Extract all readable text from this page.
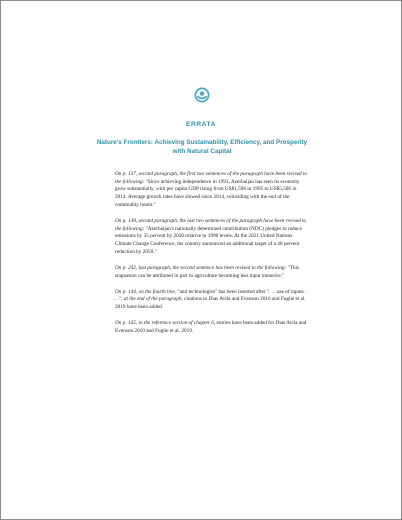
ERRATA
Nature's Frontiers: Achieving Sustainability, Efficiency, and Prosperity with Natural Capital

On p. 137, second paragraph, the first two sentences of the paragraph have been revised to the following: "Since achieving independence in 1991, Azerbaijan has seen its economy grow substantially, with per capita GDP rising from US$1,596 in 1995 to US$5,506 in 2014. Average growth rates have slowed since 2014, coinciding with the end of the commodity boom."

On p. 138, second paragraph, the last two sentences of the paragraph have been revised to the following: "Azerbaijan's nationally determined contribution (NDC) pledges to reduce emissions by 35 percent by 2030 relative to 1990 levels. At the 2021 United Nations Climate Change Conference, the country announced an additional target of a 40 percent reduction by 2050."

On p. 242, last paragraph, the second sentence has been revised to the following: "This stagnation can be attributed in part to agriculture becoming less input intensive."

On p. 144, on the fourth line, "and technologies" has been inserted after ". . . use of inputs . . ."; at the end of the paragraph, citations to Dias Avila and Evenson 2010 and Fuglie et al. 2019 have been added.

On p. 165, in the reference section of chapter 6, entries have been added for Dias Avila and Evenson 2010 and Fuglie et al. 2019.
